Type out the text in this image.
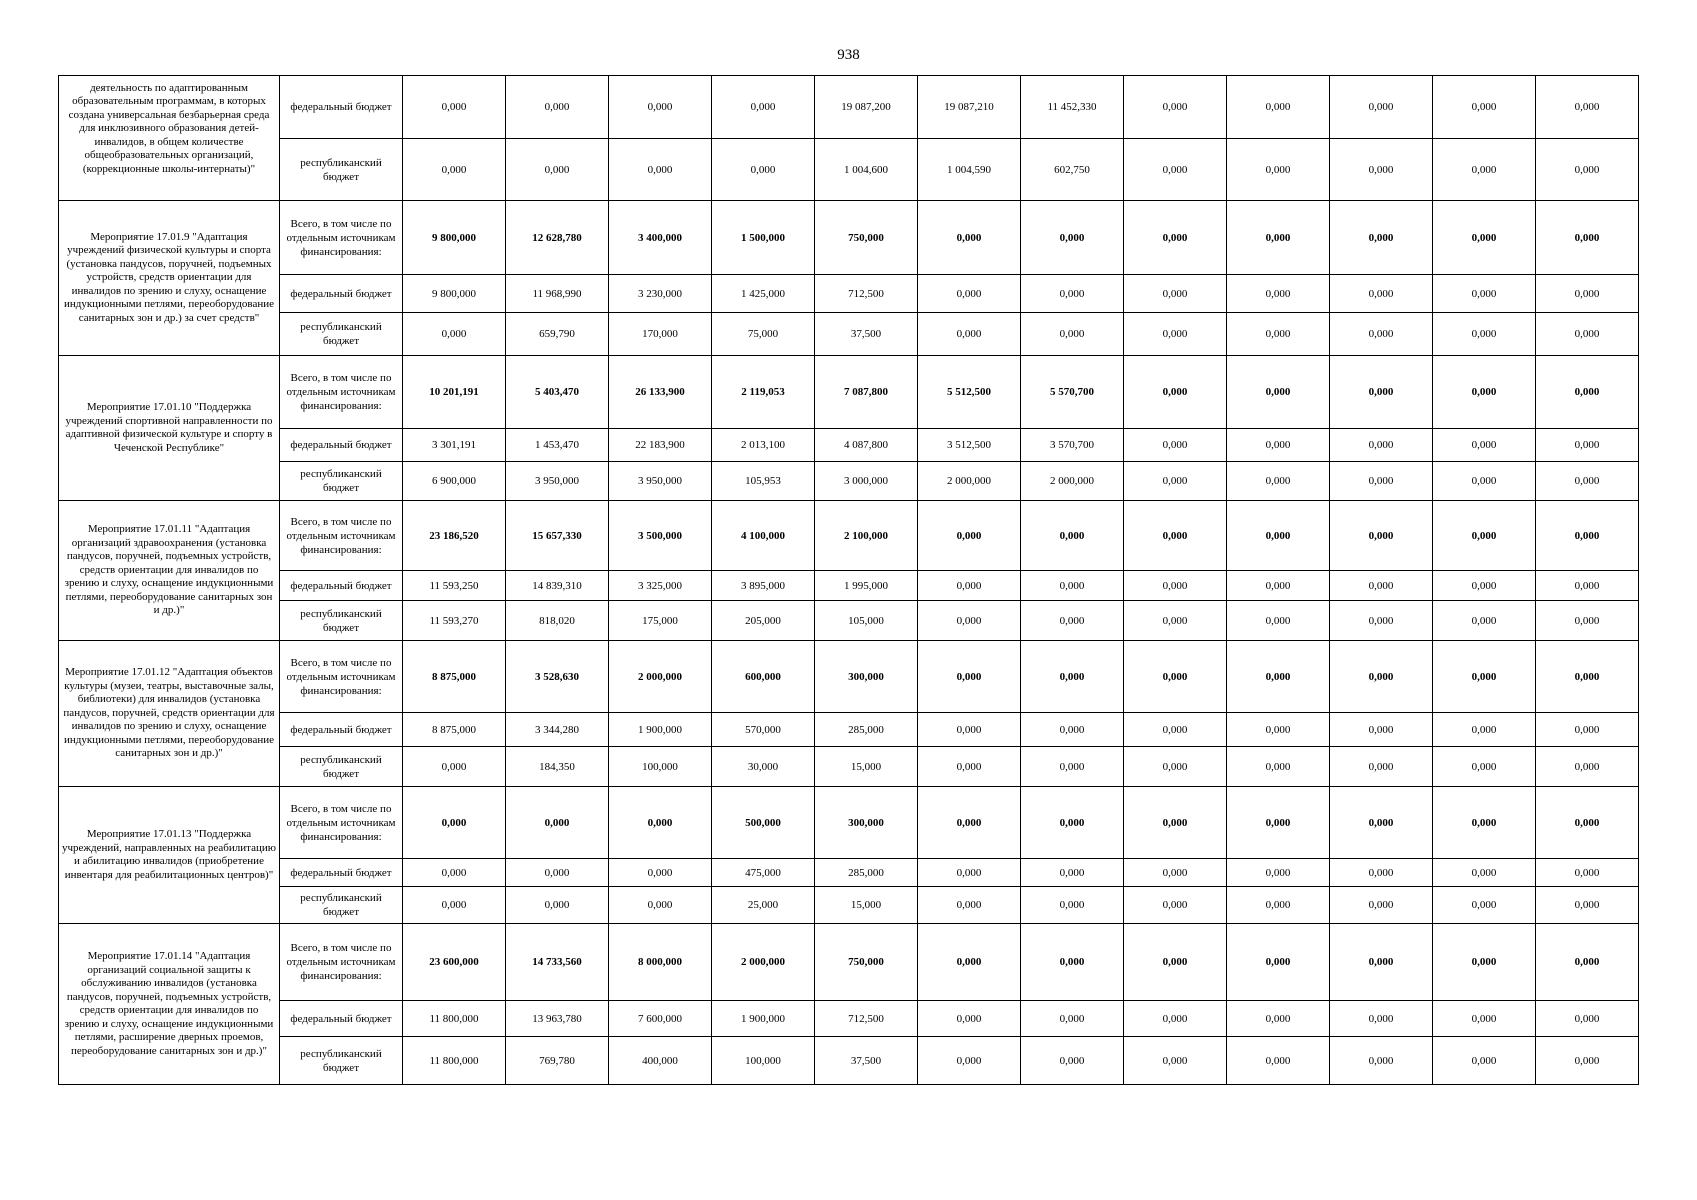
938
деятельность по адаптированным образовательным программам, в которых создана универсальная безбарьерная среда для инклюзивного образования детей-инвалидов, в общем количестве общеобразовательных организаций, (коррекционные школы-интернаты)"	федеральный бюджет	0,000	0,000	0,000	0,000	19 087,200	19 087,210	11 452,330	0,000	0,000	0,000	0,000	0,000
	республиканский бюджет	0,000	0,000	0,000	0,000	1 004,600	1 004,590	602,750	0,000	0,000	0,000	0,000	0,000

Мероприятие 17.01.9 "Адаптация учреждений физической культуры и спорта (установка пандусов, поручней, подъемных устройств, средств ориентации для инвалидов по зрению и слуху, оснащение индукционными петлями, переоборудование санитарных зон и др.) за счет средств"	Всего, в том числе по отдельным источникам финансирования:	9 800,000	12 628,780	3 400,000	1 500,000	750,000	0,000	0,000	0,000	0,000	0,000	0,000	0,000
	федеральный бюджет	9 800,000	11 968,990	3 230,000	1 425,000	712,500	0,000	0,000	0,000	0,000	0,000	0,000	0,000
	республиканский бюджет	0,000	659,790	170,000	75,000	37,500	0,000	0,000	0,000	0,000	0,000	0,000	0,000

Мероприятие 17.01.10 "Поддержка учреждений спортивной направленности по адаптивной физической культуре и спорту в Чеченской Республике"	Всего, в том числе по отдельным источникам финансирования:	10 201,191	5 403,470	26 133,900	2 119,053	7 087,800	5 512,500	5 570,700	0,000	0,000	0,000	0,000	0,000
	федеральный бюджет	3 301,191	1 453,470	22 183,900	2 013,100	4 087,800	3 512,500	3 570,700	0,000	0,000	0,000	0,000	0,000
	республиканский бюджет	6 900,000	3 950,000	3 950,000	105,953	3 000,000	2 000,000	2 000,000	0,000	0,000	0,000	0,000	0,000

Мероприятие 17.01.11 "Адаптация организаций здравоохранения (установка пандусов, поручней, подъемных устройств, средств ориентации для инвалидов по зрению и слуху, оснащение индукционными петлями, переоборудование санитарных зон и др.)"	Всего, в том числе по отдельным источникам финансирования:	23 186,520	15 657,330	3 500,000	4 100,000	2 100,000	0,000	0,000	0,000	0,000	0,000	0,000	0,000
	федеральный бюджет	11 593,250	14 839,310	3 325,000	3 895,000	1 995,000	0,000	0,000	0,000	0,000	0,000	0,000	0,000
	республиканский бюджет	11 593,270	818,020	175,000	205,000	105,000	0,000	0,000	0,000	0,000	0,000	0,000	0,000

Мероприятие 17.01.12 "Адаптация объектов культуры (музеи, театры, выставочные залы, библиотеки) для инвалидов (установка пандусов, поручней, средств ориентации для инвалидов по зрению и слуху, оснащение индукционными петлями, переоборудование санитарных зон и др.)"	Всего, в том числе по отдельным источникам финансирования:	8 875,000	3 528,630	2 000,000	600,000	300,000	0,000	0,000	0,000	0,000	0,000	0,000	0,000
	федеральный бюджет	8 875,000	3 344,280	1 900,000	570,000	285,000	0,000	0,000	0,000	0,000	0,000	0,000	0,000
	республиканский бюджет	0,000	184,350	100,000	30,000	15,000	0,000	0,000	0,000	0,000	0,000	0,000	0,000

Мероприятие 17.01.13 "Поддержка учреждений, направленных на реабилитацию и абилитацию инвалидов (приобретение инвентаря для реабилитационных центров)"	Всего, в том числе по отдельным источникам финансирования:	0,000	0,000	0,000	500,000	300,000	0,000	0,000	0,000	0,000	0,000	0,000	0,000
	федеральный бюджет	0,000	0,000	0,000	475,000	285,000	0,000	0,000	0,000	0,000	0,000	0,000	0,000
	республиканский бюджет	0,000	0,000	0,000	25,000	15,000	0,000	0,000	0,000	0,000	0,000	0,000	0,000

Мероприятие 17.01.14 "Адаптация организаций социальной защиты к обслуживанию инвалидов (установка пандусов, поручней, подъемных устройств, средств ориентации для инвалидов по зрению и слуху, оснащение индукционными петлями, расширение дверных проемов, переоборудование санитарных зон и др.)"	Всего, в том числе по отдельным источникам финансирования:	23 600,000	14 733,560	8 000,000	2 000,000	750,000	0,000	0,000	0,000	0,000	0,000	0,000	0,000
	федеральный бюджет	11 800,000	13 963,780	7 600,000	1 900,000	712,500	0,000	0,000	0,000	0,000	0,000	0,000	0,000
	республиканский бюджет	11 800,000	769,780	400,000	100,000	37,500	0,000	0,000	0,000	0,000	0,000	0,000	0,000
